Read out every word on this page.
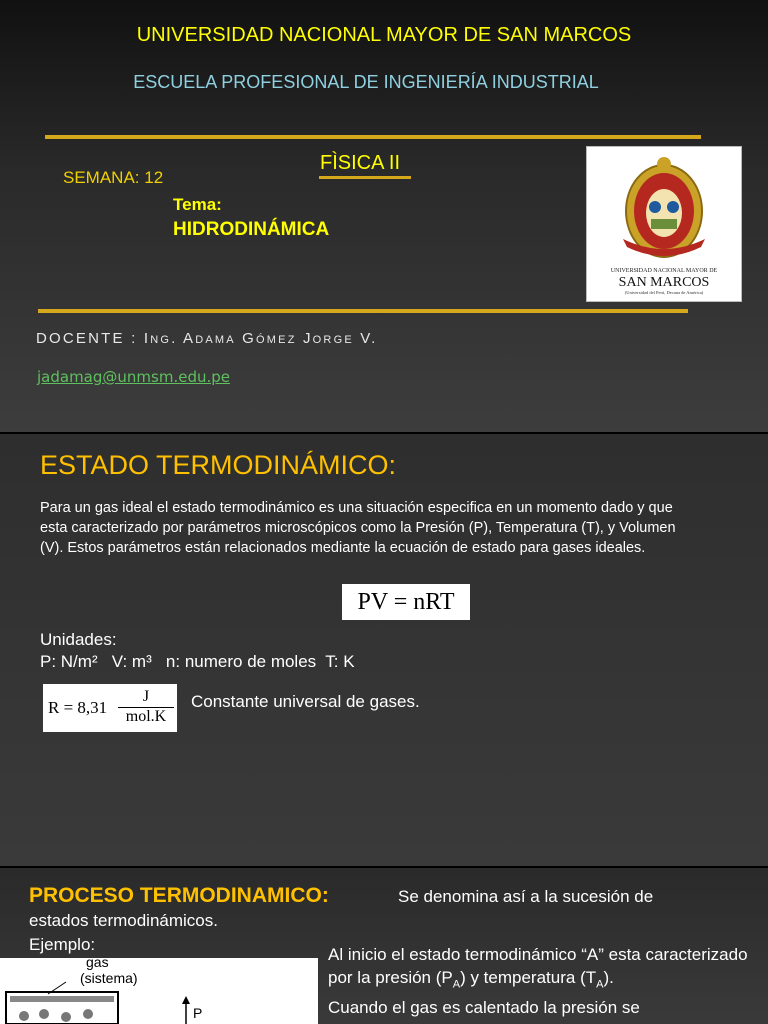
UNIVERSIDAD NACIONAL MAYOR DE SAN MARCOS
ESCUELA PROFESIONAL DE INGENIERÍA INDUSTRIAL
FÌSICA II
SEMANA: 12
Tema:
HIDRODINÁMICA
UNIVERSIDAD NACIONAL MAYOR DE
SAN MARCOS
(Universidad del Perú, Decana de América)
DOCENTE : Ing. Adama Gómez Jorge V.
jadamag@unmsm.edu.pe
ESTADO TERMODINÁMICO:
Para un gas ideal el estado termodinámico es una situación especifica en un momento dado y que esta caracterizado por parámetros microscópicos como la Presión (P), Temperatura (T), y Volumen (V). Estos parámetros están relacionados mediante la ecuación de estado para gases ideales.
PV = nRT
Unidades:
P: N/m²   V: m³   n: numero de moles  T: K
R = 8,31
J
mol.K
Constante universal de gases.
PROCESO TERMODINAMICO:	Se denomina así a la sucesión de
estados termodinámicos.
Ejemplo:
gas
(sistema)
P
Al inicio el estado termodinámico “A” esta caracterizado por la presión $(P_A)$ y temperatura $(T_A)$.
Cuando el gas es calentado la presión se
